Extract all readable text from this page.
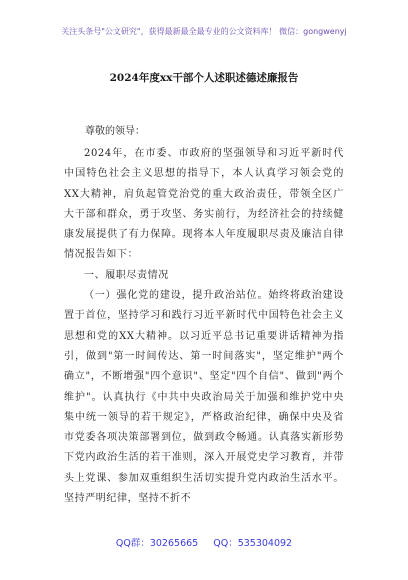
关注头条号"公文研究"，获得最新最全最专业的公文资料库！ 微信：gongwenyj
2024年度xx干部个人述职述德述廉报告
尊敬的领导：

2024年，在市委、市政府的坚强领导和习近平新时代中国特色社会主义思想的指导下，本人认真学习领会党的XX大精神，肩负起管党治党的重大政治责任，带领全区广大干部和群众，勇于攻坚、务实前行，为经济社会的持续健康发展提供了有力保障。现将本人年度履职尽责及廉洁自律情况报告如下：

一、履职尽责情况

（一）强化党的建设，提升政治站位。始终将政治建设置于首位，坚持学习和践行习近平新时代中国特色社会主义思想和党的XX大精神。以习近平总书记重要讲话精神为指引，做到"第一时间传达、第一时间落实"，坚定维护"两个确立"，不断增强"四个意识"、坚定"四个自信"、做到"两个维护"。认真执行《中共中央政治局关于加强和维护党中央集中统一领导的若干规定》，严格政治纪律，确保中央及省市党委各项决策部署到位，做到政令畅通。认真落实新形势下党内政治生活的若干准则，深入开展党史学习教育，并带头上党课、参加双重组织生活切实提升党内政治生活水平。坚持严明纪律，坚持不折不

QQ群：30265665 QQ：535304092
